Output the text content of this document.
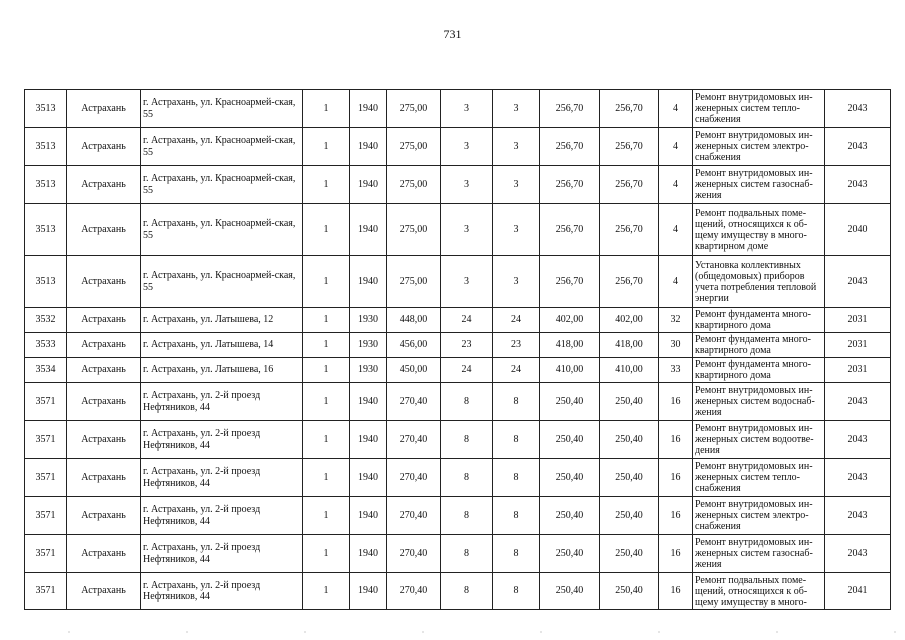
731
3513	Астрахань	г. Астрахань, ул. Красноармей-ская, 55	1	1940	275,00	3	3	256,70	256,70	4	Ремонт внутридомовых ин-женерных систем тепло-снабжения	2043
3513	Астрахань	г. Астрахань, ул. Красноармей-ская, 55	1	1940	275,00	3	3	256,70	256,70	4	Ремонт внутридомовых ин-женерных систем электро-снабжения	2043
3513	Астрахань	г. Астрахань, ул. Красноармей-ская, 55	1	1940	275,00	3	3	256,70	256,70	4	Ремонт внутридомовых ин-женерных систем газоснаб-жения	2043
3513	Астрахань	г. Астрахань, ул. Красноармей-ская, 55	1	1940	275,00	3	3	256,70	256,70	4	Ремонт подвальных поме-щений, относящихся к об-щему имуществу в много-квартирном доме	2040
3513	Астрахань	г. Астрахань, ул. Красноармей-ская, 55	1	1940	275,00	3	3	256,70	256,70	4	Установка коллективных (общедомовых) приборов учета потребления тепловой энергии	2043
3532	Астрахань	г. Астрахань, ул. Латышева, 12	1	1930	448,00	24	24	402,00	402,00	32	Ремонт фундамента много-квартирного дома	2031
3533	Астрахань	г. Астрахань, ул. Латышева, 14	1	1930	456,00	23	23	418,00	418,00	30	Ремонт фундамента много-квартирного дома	2031
3534	Астрахань	г. Астрахань, ул. Латышева, 16	1	1930	450,00	24	24	410,00	410,00	33	Ремонт фундамента много-квартирного дома	2031
3571	Астрахань	г. Астрахань, ул. 2-й проезд Нефтяников, 44	1	1940	270,40	8	8	250,40	250,40	16	Ремонт внутридомовых ин-женерных систем водоснаб-жения	2043
3571	Астрахань	г. Астрахань, ул. 2-й проезд Нефтяников, 44	1	1940	270,40	8	8	250,40	250,40	16	Ремонт внутридомовых ин-женерных систем водоотве-дения	2043
3571	Астрахань	г. Астрахань, ул. 2-й проезд Нефтяников, 44	1	1940	270,40	8	8	250,40	250,40	16	Ремонт внутридомовых ин-женерных систем тепло-снабжения	2043
3571	Астрахань	г. Астрахань, ул. 2-й проезд Нефтяников, 44	1	1940	270,40	8	8	250,40	250,40	16	Ремонт внутридомовых ин-женерных систем электро-снабжения	2043
3571	Астрахань	г. Астрахань, ул. 2-й проезд Нефтяников, 44	1	1940	270,40	8	8	250,40	250,40	16	Ремонт внутридомовых ин-женерных систем газоснаб-жения	2043
3571	Астрахань	г. Астрахань, ул. 2-й проезд Нефтяников, 44	1	1940	270,40	8	8	250,40	250,40	16	Ремонт подвальных поме-щений, относящихся к об-щему имуществу в много-	2041
